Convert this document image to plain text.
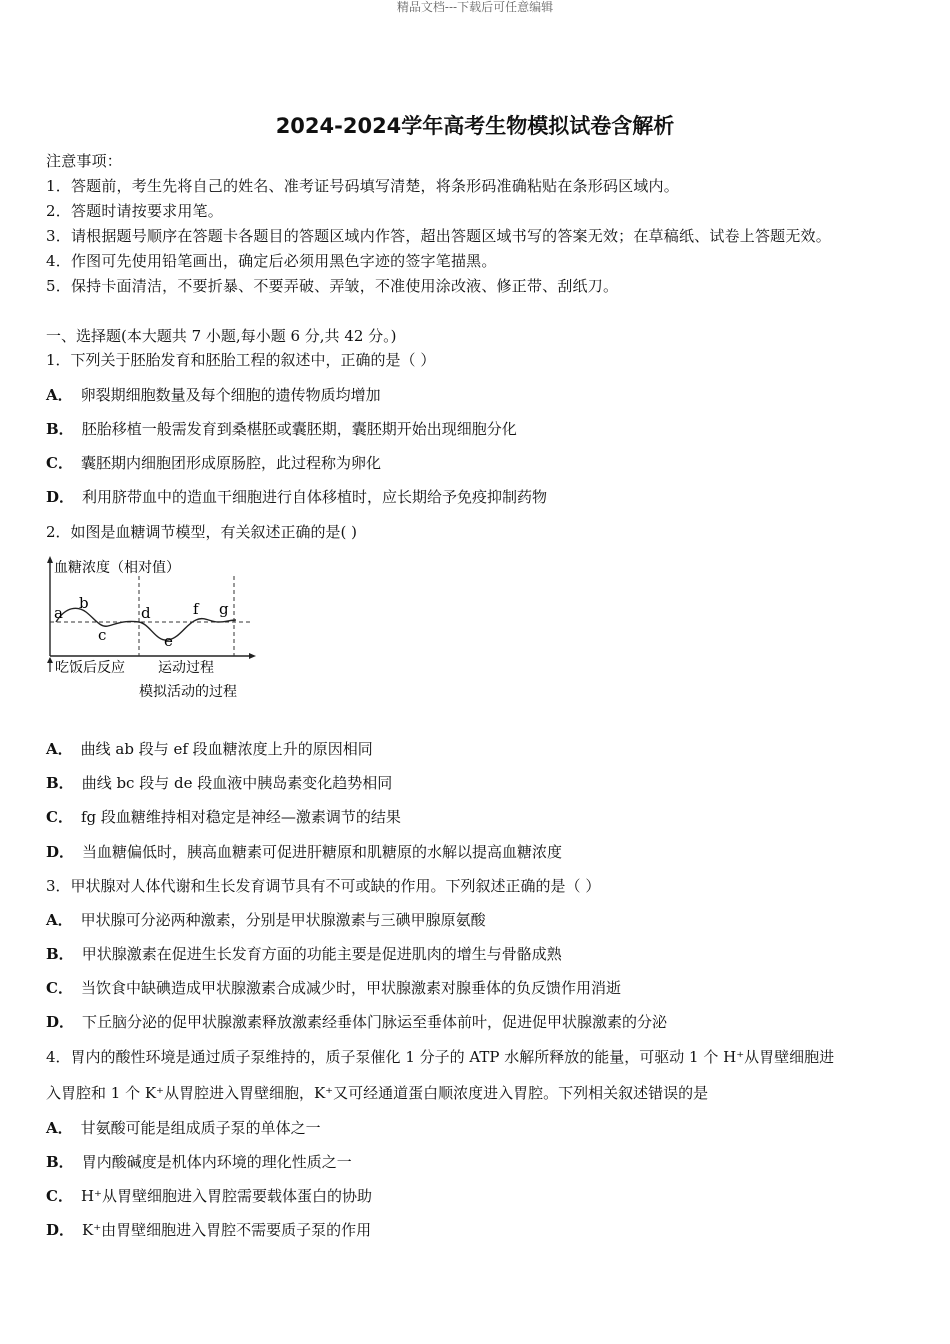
精品文档---下载后可任意编辑
2024-2024学年高考生物模拟试卷含解析
注意事项：
1．答题前，考生先将自己的姓名、准考证号码填写清楚，将条形码准确粘贴在条形码区域内。
2．答题时请按要求用笔。
3．请根据题号顺序在答题卡各题目的答题区域内作答，超出答题区域书写的答案无效；在草稿纸、试卷上答题无效。
4．作图可先使用铅笔画出，确定后必须用黑色字迹的签字笔描黑。
5．保持卡面清洁，不要折暴、不要弄破、弄皱，不准使用涂改液、修正带、刮纸刀。
一、选择题(本大题共 7 小题,每小题 6 分,共 42 分。)
1．下列关于胚胎发育和胚胎工程的叙述中，正确的是（ ）
A． 卵裂期细胞数量及每个细胞的遗传物质均增加
B． 胚胎移植一般需发育到桑椹胚或囊胚期，囊胚期开始出现细胞分化
C． 囊胚期内细胞团形成原肠腔，此过程称为卵化
D． 利用脐带血中的造血干细胞进行自体移植时，应长期给予免疫抑制药物
2．如图是血糖调节模型，有关叙述正确的是( )
a
b
c
d
e
f g
血糖浓度（相对值）
吃饭后反应 运动过程
模拟活动的过程
A． 曲线 ab 段与 ef 段血糖浓度上升的原因相同
B． 曲线 bc 段与 de 段血液中胰岛素变化趋势相同
C． fg 段血糖维持相对稳定是神经—激素调节的结果
D． 当血糖偏低时，胰高血糖素可促进肝糖原和肌糖原的水解以提高血糖浓度
3．甲状腺对人体代谢和生长发育调节具有不可或缺的作用。下列叙述正确的是（ ）
A． 甲状腺可分泌两种激素，分别是甲状腺激素与三碘甲腺原氨酸
B． 甲状腺激素在促进生长发育方面的功能主要是促进肌肉的增生与骨骼成熟
C． 当饮食中缺碘造成甲状腺激素合成减少时，甲状腺激素对腺垂体的负反馈作用消逝
D． 下丘脑分泌的促甲状腺激素释放激素经垂体门脉运至垂体前叶，促进促甲状腺激素的分泌
4．胃内的酸性环境是通过质子泵维持的，质子泵催化 1 分子的 ATP 水解所释放的能量，可驱动 1 个 H⁺从胃壁细胞进
入胃腔和 1 个 K⁺从胃腔进入胃壁细胞，K⁺又可经通道蛋白顺浓度进入胃腔。下列相关叙述错误的是
A． 甘氨酸可能是组成质子泵的单体之一
B． 胃内酸碱度是机体内环境的理化性质之一
C． H⁺从胃壁细胞进入胃腔需要载体蛋白的协助
D． K⁺由胃壁细胞进入胃腔不需要质子泵的作用
